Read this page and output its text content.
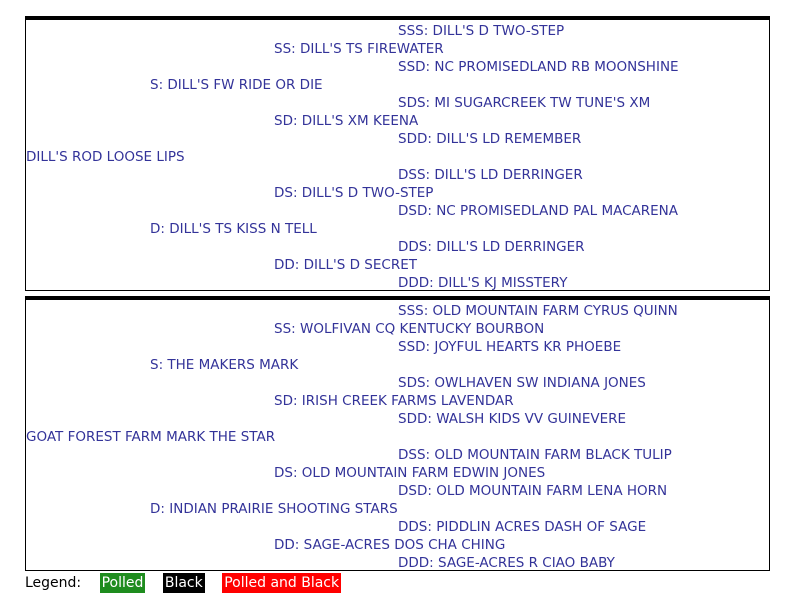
SSS: DILL'S D TWO-STEP
SS: DILL'S TS FIREWATER
SSD: NC PROMISEDLAND RB MOONSHINE
S: DILL'S FW RIDE OR DIE
SDS: MI SUGARCREEK TW TUNE'S XM
SD: DILL'S XM KEENA
SDD: DILL'S LD REMEMBER
DILL'S ROD LOOSE LIPS
DSS: DILL'S LD DERRINGER
DS: DILL'S D TWO-STEP
DSD: NC PROMISEDLAND PAL MACARENA
D: DILL'S TS KISS N TELL
DDS: DILL'S LD DERRINGER
DD: DILL'S D SECRET
DDD: DILL'S KJ MISSTERY
SSS: OLD MOUNTAIN FARM CYRUS QUINN
SS: WOLFIVAN CQ KENTUCKY BOURBON
SSD: JOYFUL HEARTS KR PHOEBE
S: THE MAKERS MARK
SDS: OWLHAVEN SW INDIANA JONES
SD: IRISH CREEK FARMS LAVENDAR
SDD: WALSH KIDS VV GUINEVERE
GOAT FOREST FARM MARK THE STAR
DSS: OLD MOUNTAIN FARM BLACK TULIP
DS: OLD MOUNTAIN FARM EDWIN JONES
DSD: OLD MOUNTAIN FARM LENA HORN
D: INDIAN PRAIRIE SHOOTING STARS
DDS: PIDDLIN ACRES DASH OF SAGE
DD: SAGE-ACRES DOS CHA CHING
DDD: SAGE-ACRES R CIAO BABY
Legend: Polled Black Polled and Black
